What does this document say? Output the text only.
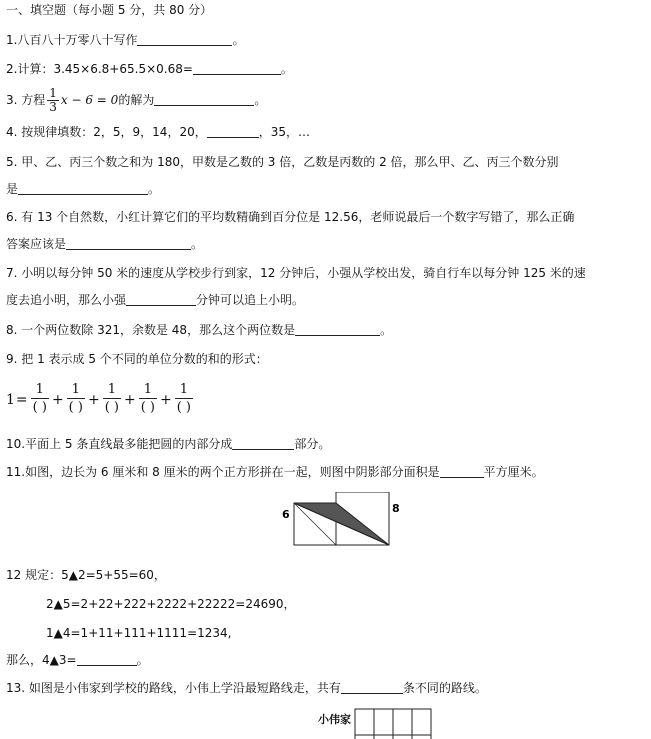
一、填空题（每小题 5 分，共 80 分）
1.八百八十万零八十写作	。
2.计算：3.45×6.8+65.5×0.68=	。
3. 方程 $\frac{1}{3}$ x − 6 = 0的解为	。
4. 按规律填数：2，5，9，14，20，	，35，…
5. 甲、乙、丙三个数之和为 180，甲数是乙数的 3 倍，乙数是丙数的 2 倍，那么甲、乙、丙三个数分别
是	。
6. 有 13 个自然数，小红计算它们的平均数精确到百分位是 12.56，老师说最后一个数字写错了，那么正确
答案应该是	。
7. 小明以每分钟 50 米的速度从学校步行到家，12 分钟后，小强从学校出发，骑自行车以每分钟 125 米的速
度去追小明，那么小强	分钟可以追上小明。
8. 一个两位数除 321，余数是 48，那么这个两位数是	。
9. 把 1 表示成 5 个不同的单位分数的和的形式：
$1 = \frac{1}{( )} + \frac{1}{( )} + \frac{1}{( )} + \frac{1}{( )} + \frac{1}{( )}$
10.平面上 5 条直线最多能把圆的内部分成	部分。
11.如图，边长为 6 厘米和 8 厘米的两个正方形拼在一起，则图中阴影部分面积是	平方厘米。
6	8
12 规定：5▲2=5+55=60，
2▲5=2+22+222+2222+22222=24690，
1▲4=1+11+111+1111=1234,
那么，4▲3=	。
13. 如图是小伟家到学校的路线，小伟上学沿最短路线走，共有	条不同的路线。
小伟家
